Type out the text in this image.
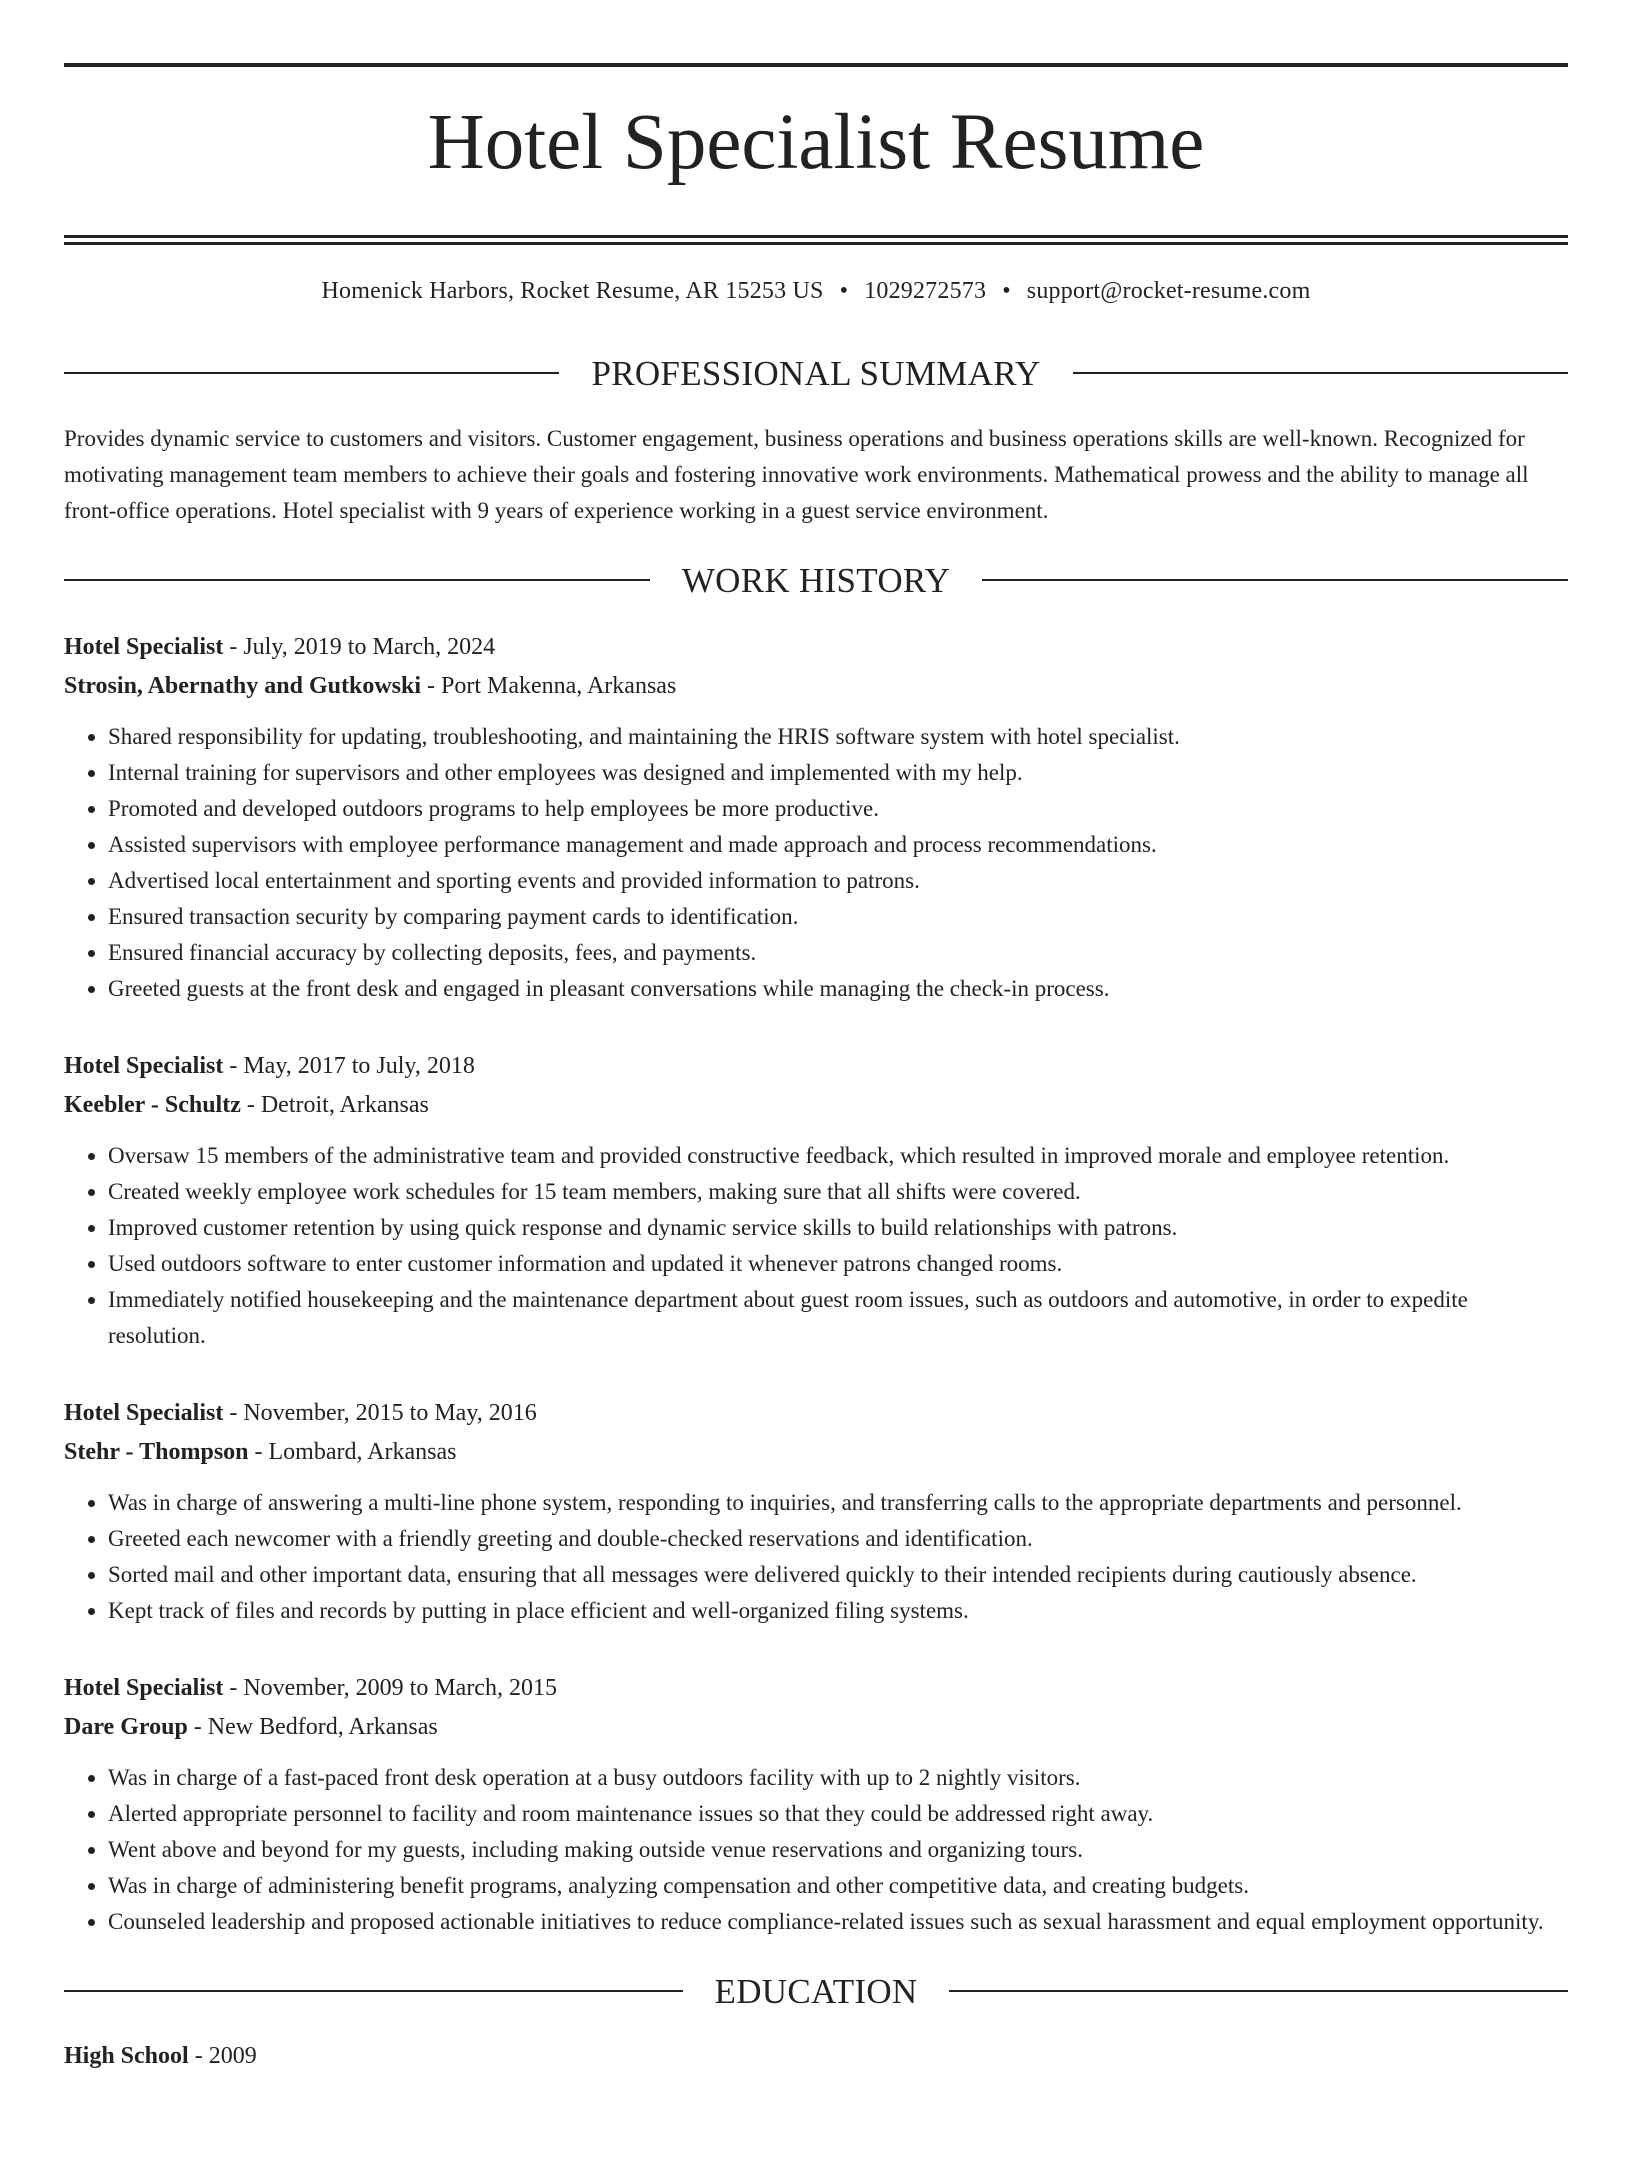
Hotel Specialist Resume
Homenick Harbors, Rocket Resume, AR 15253 US • 1029272573 • support@rocket-resume.com
PROFESSIONAL SUMMARY
Provides dynamic service to customers and visitors. Customer engagement, business operations and business operations skills are well-known. Recognized for motivating management team members to achieve their goals and fostering innovative work environments. Mathematical prowess and the ability to manage all front-office operations. Hotel specialist with 9 years of experience working in a guest service environment.
WORK HISTORY
Hotel Specialist - July, 2019 to March, 2024
Strosin, Abernathy and Gutkowski - Port Makenna, Arkansas
• Shared responsibility for updating, troubleshooting, and maintaining the HRIS software system with hotel specialist.
• Internal training for supervisors and other employees was designed and implemented with my help.
• Promoted and developed outdoors programs to help employees be more productive.
• Assisted supervisors with employee performance management and made approach and process recommendations.
• Advertised local entertainment and sporting events and provided information to patrons.
• Ensured transaction security by comparing payment cards to identification.
• Ensured financial accuracy by collecting deposits, fees, and payments.
• Greeted guests at the front desk and engaged in pleasant conversations while managing the check-in process.
Hotel Specialist - May, 2017 to July, 2018
Keebler - Schultz - Detroit, Arkansas
• Oversaw 15 members of the administrative team and provided constructive feedback, which resulted in improved morale and employee retention.
• Created weekly employee work schedules for 15 team members, making sure that all shifts were covered.
• Improved customer retention by using quick response and dynamic service skills to build relationships with patrons.
• Used outdoors software to enter customer information and updated it whenever patrons changed rooms.
• Immediately notified housekeeping and the maintenance department about guest room issues, such as outdoors and automotive, in order to expedite resolution.
Hotel Specialist - November, 2015 to May, 2016
Stehr - Thompson - Lombard, Arkansas
• Was in charge of answering a multi-line phone system, responding to inquiries, and transferring calls to the appropriate departments and personnel.
• Greeted each newcomer with a friendly greeting and double-checked reservations and identification.
• Sorted mail and other important data, ensuring that all messages were delivered quickly to their intended recipients during cautiously absence.
• Kept track of files and records by putting in place efficient and well-organized filing systems.
Hotel Specialist - November, 2009 to March, 2015
Dare Group - New Bedford, Arkansas
• Was in charge of a fast-paced front desk operation at a busy outdoors facility with up to 2 nightly visitors.
• Alerted appropriate personnel to facility and room maintenance issues so that they could be addressed right away.
• Went above and beyond for my guests, including making outside venue reservations and organizing tours.
• Was in charge of administering benefit programs, analyzing compensation and other competitive data, and creating budgets.
• Counseled leadership and proposed actionable initiatives to reduce compliance-related issues such as sexual harassment and equal employment opportunity.
EDUCATION
High School - 2009
